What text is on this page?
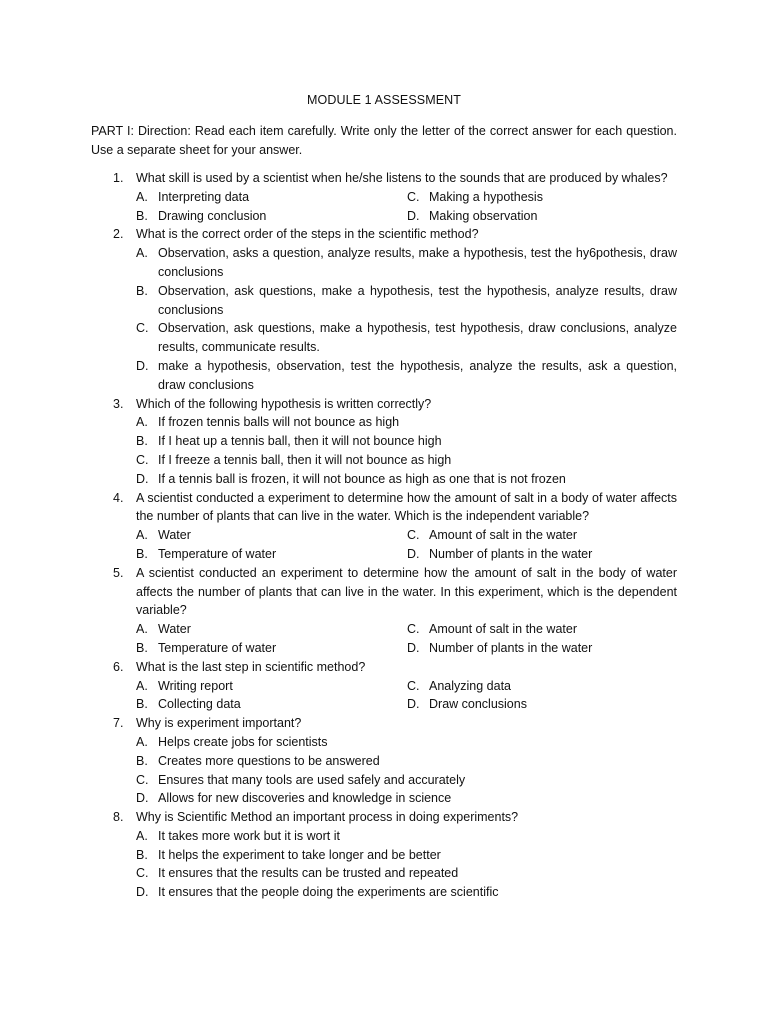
MODULE 1 ASSESSMENT
PART I: Direction: Read each item carefully. Write only the letter of the correct answer for each question. Use a separate sheet for your answer.
1. What skill is used by a scientist when he/she listens to the sounds that are produced by whales?
A. Interpreting data	C. Making a hypothesis
B. Drawing conclusion	D. Making observation
2. What is the correct order of the steps in the scientific method?
A. Observation, asks a question, analyze results, make a hypothesis, test the hy6pothesis, draw conclusions
B. Observation, ask questions, make a hypothesis, test the hypothesis, analyze results, draw conclusions
C. Observation, ask questions, make a hypothesis, test hypothesis, draw conclusions, analyze results, communicate results.
D. make a hypothesis, observation, test the hypothesis, analyze the results, ask a question, draw conclusions
3. Which of the following hypothesis is written correctly?
A. If frozen tennis balls will not bounce as high
B. If I heat up a tennis ball, then it will not bounce high
C. If I freeze a tennis ball, then it will not bounce as high
D. If a tennis ball is frozen, it will not bounce as high as one that is not frozen
4. A scientist conducted a experiment to determine how the amount of salt in a body of water affects the number of plants that can live in the water. Which is the independent variable?
A. Water	C. Amount of salt in the water
B. Temperature of water	D. Number of plants in the water
5. A scientist conducted an experiment to determine how the amount of salt in the body of water affects the number of plants that can live in the water. In this experiment, which is the dependent variable?
A. Water	C. Amount of salt in the water
B. Temperature of water	D. Number of plants in the water
6. What is the last step in scientific method?
A. Writing report	C. Analyzing data
B. Collecting data	D. Draw conclusions
7. Why is experiment important?
A. Helps create jobs for scientists
B. Creates more questions to be answered
C. Ensures that many tools are used safely and accurately
D. Allows for new discoveries and knowledge in science
8. Why is Scientific Method an important process in doing experiments?
A. It takes more work but it is wort it
B. It helps the experiment to take longer and be better
C. It ensures that the results can be trusted and repeated
D. It ensures that the people doing the experiments are scientific
